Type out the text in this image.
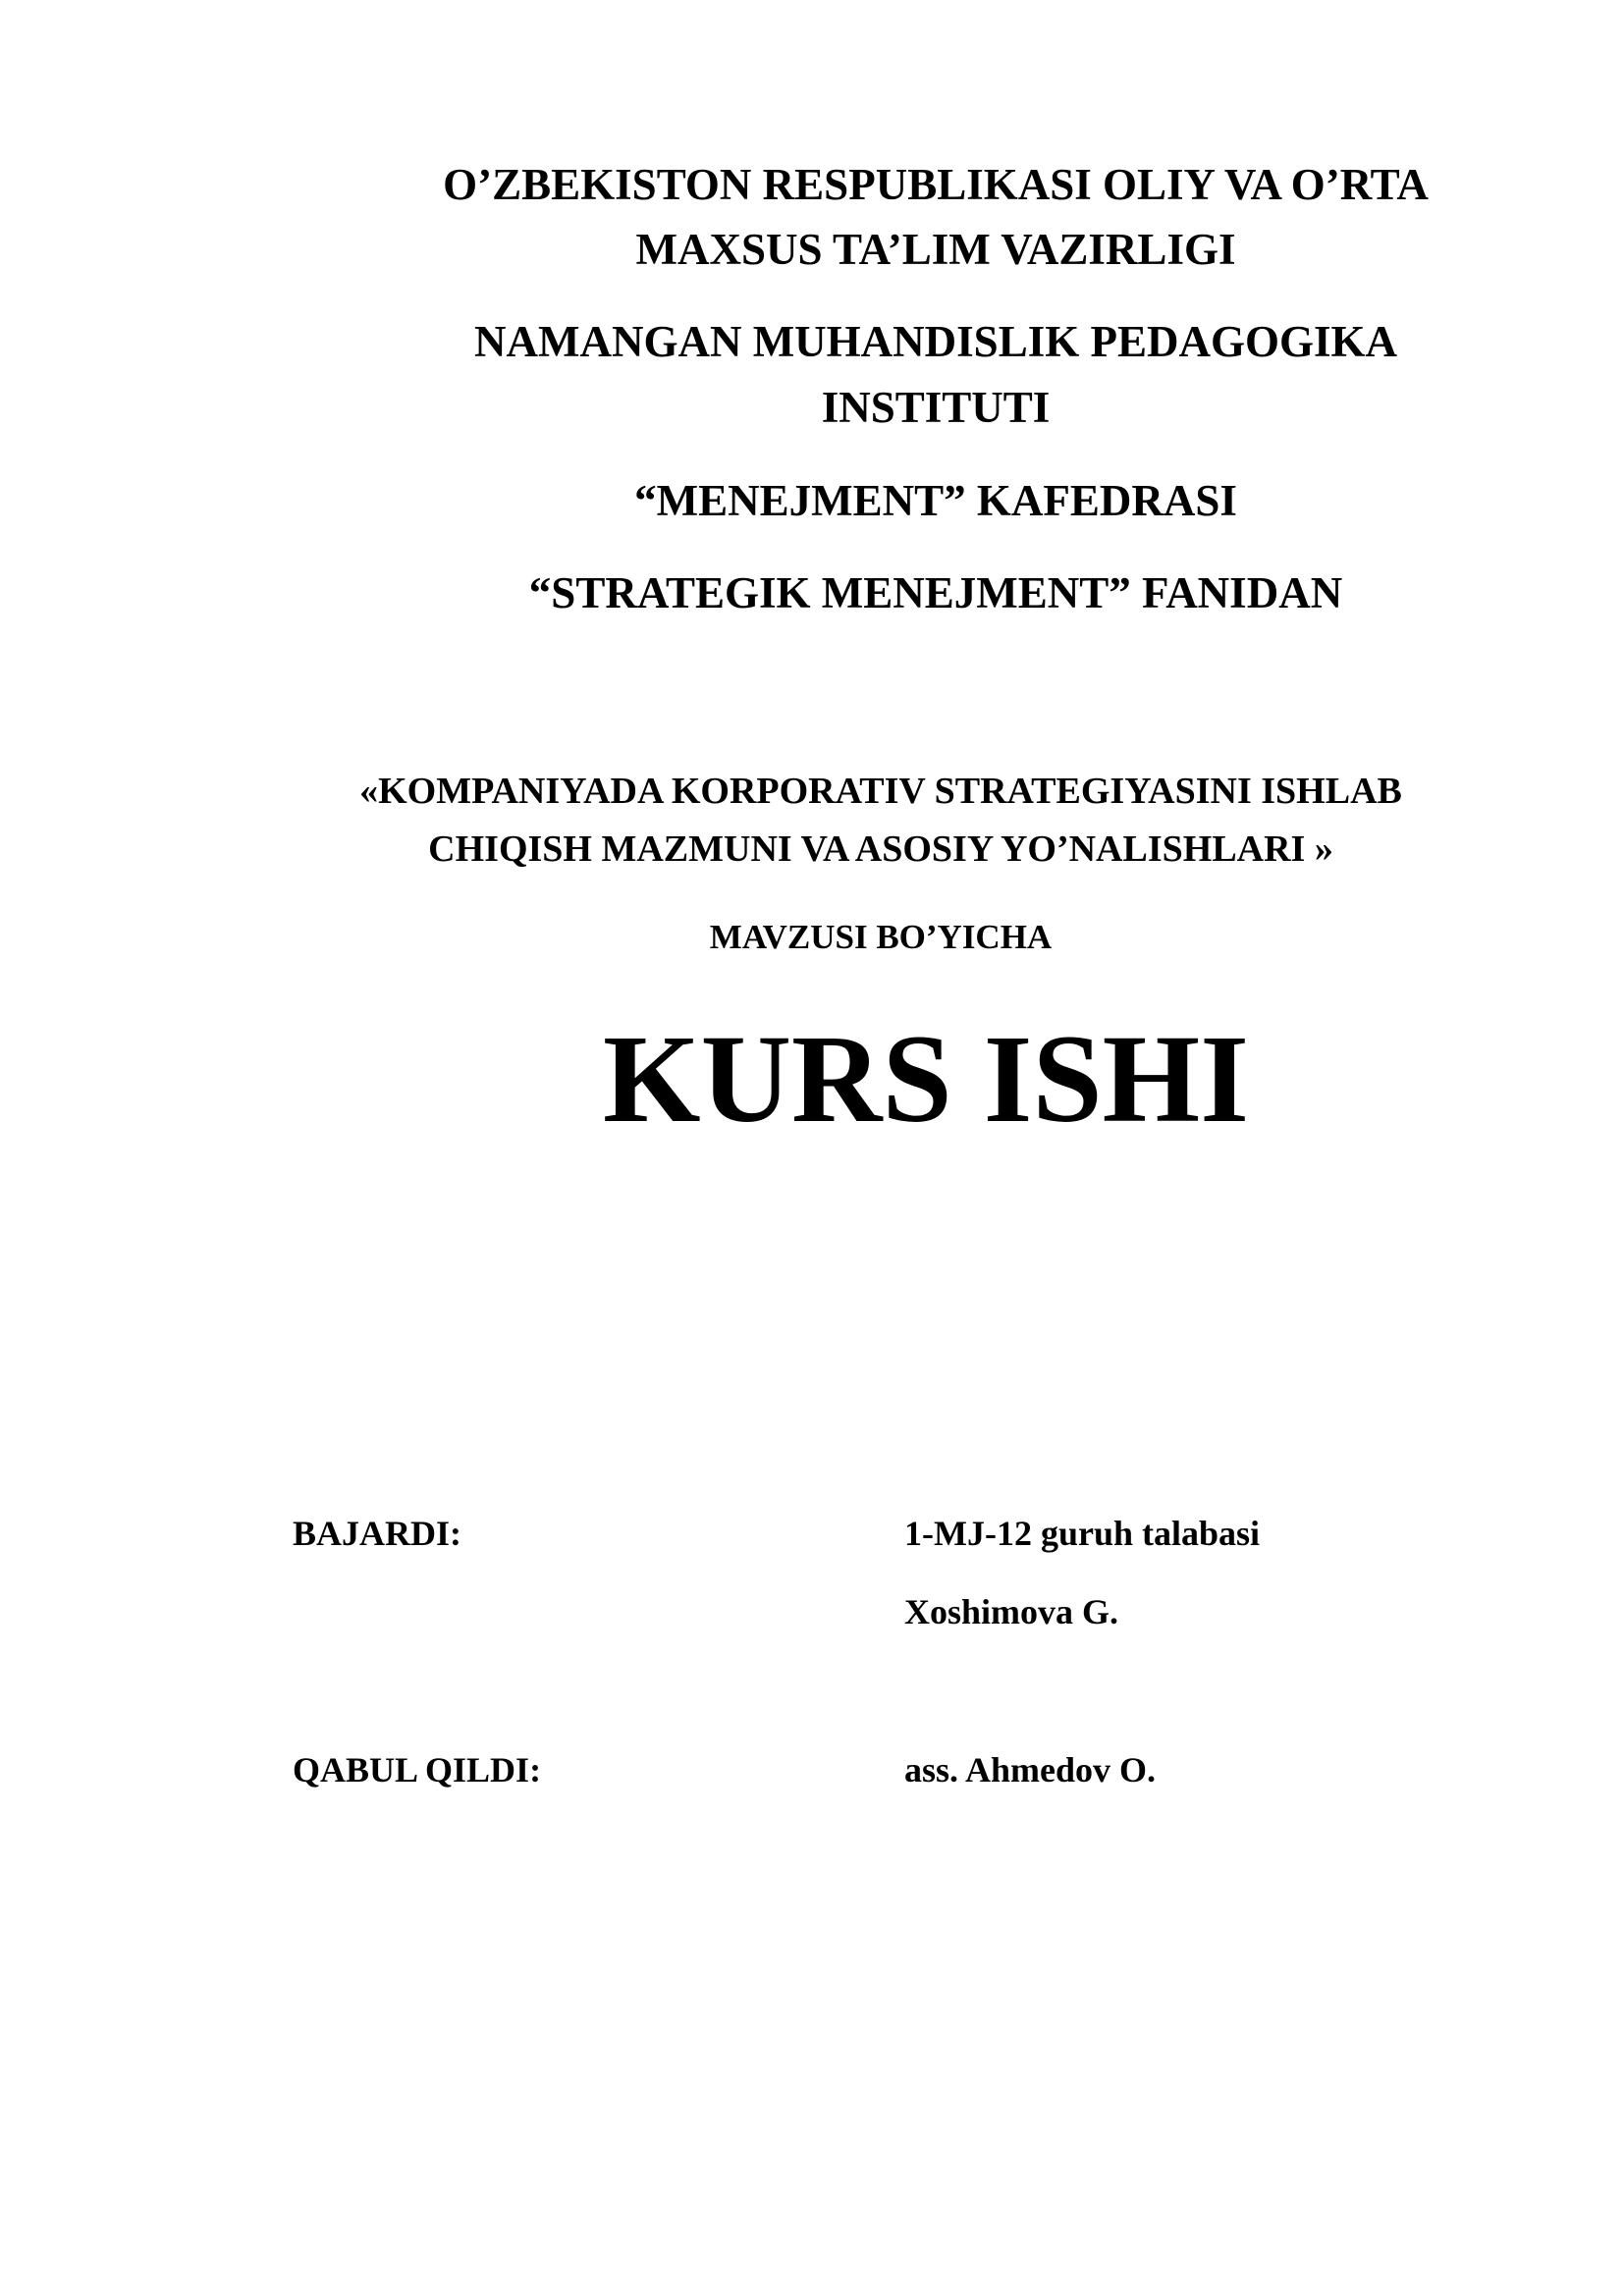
O’ZBEKISTON RESPUBLIKASI OLIY VA O’RTA
MAXSUS TA’LIM VAZIRLIGI
NAMANGAN MUHANDISLIK PEDAGOGIKA
INSTITUTI
“MENEJMENT” KAFEDRASI
“STRATEGIK MENEJMENT” FANIDAN
«KOMPANIYADA KORPORATIV STRATEGIYASINI ISHLAB
CHIQISH MAZMUNI VA ASOSIY YO’NALISHLARI »
MAVZUSI BO’YICHA
KURS ISHI
BAJARDI:	1-MJ-12 guruh talabasi
Xoshimova G.
QABUL QILDI:	ass. Ahmedov O.
